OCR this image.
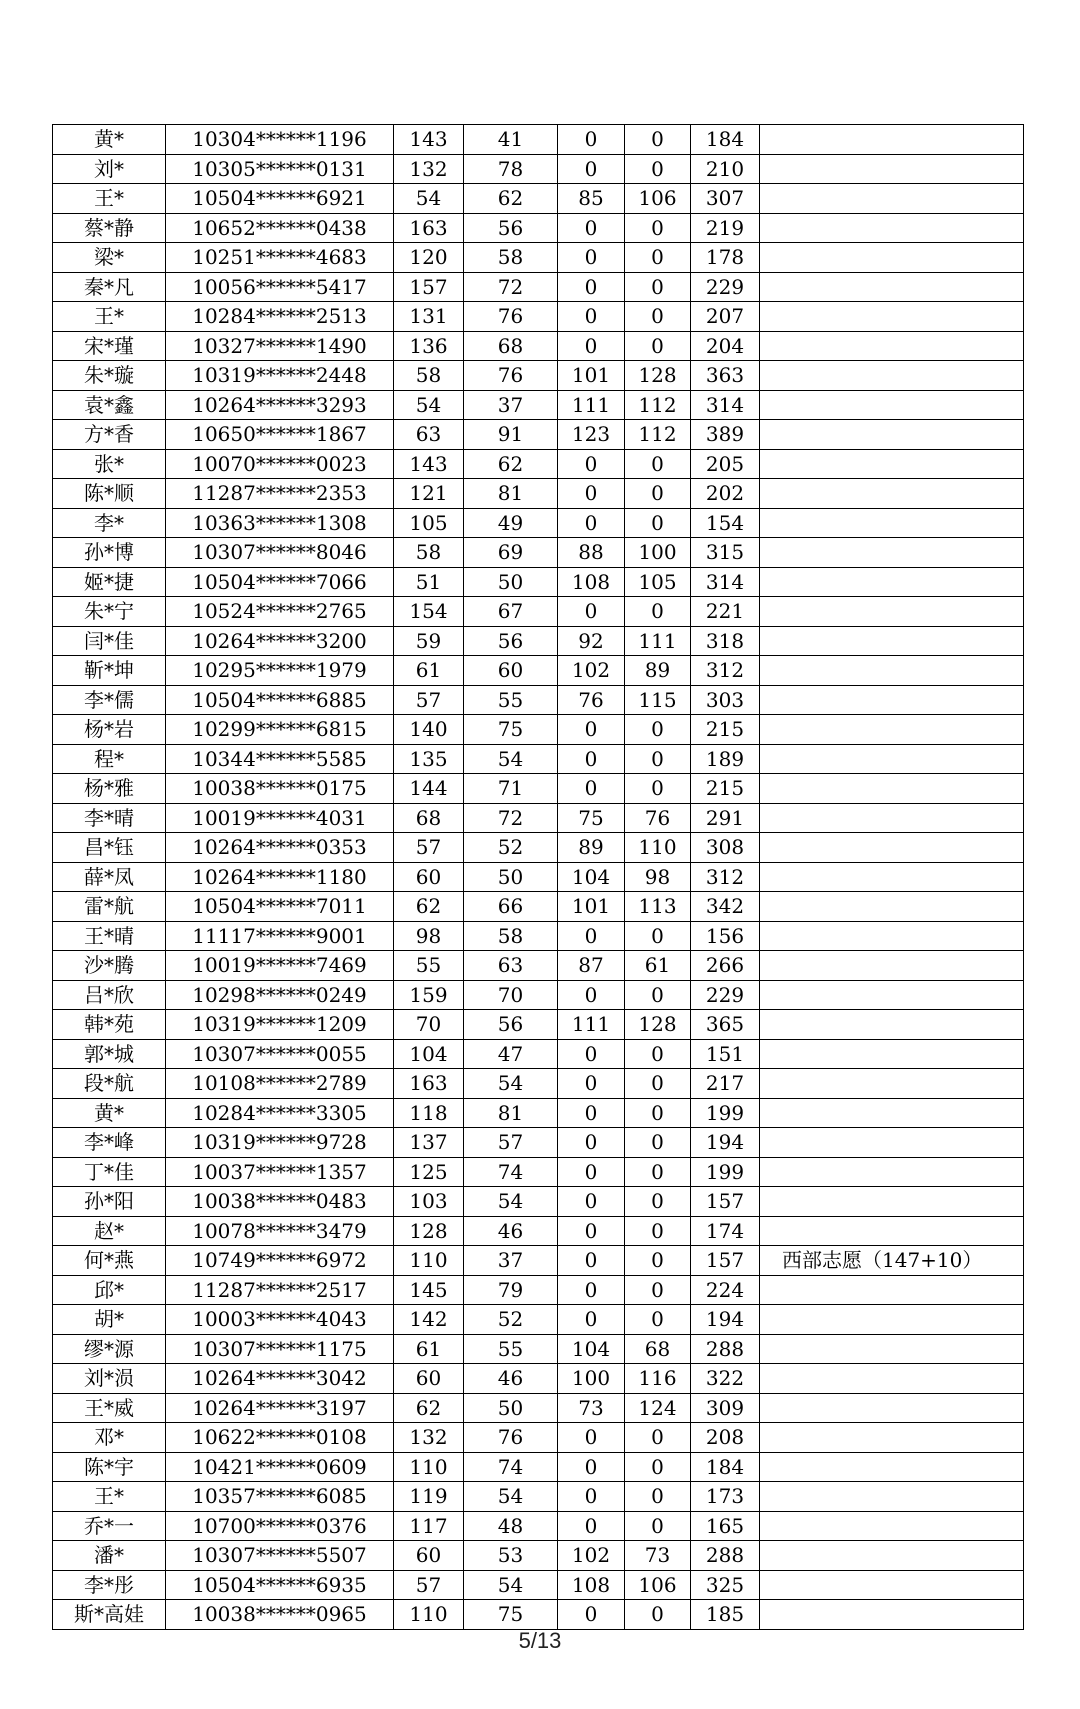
黄*	10304******1196	143	41	0	0	184	
刘*	10305******0131	132	78	0	0	210	
王*	10504******6921	54	62	85	106	307	
蔡*静	10652******0438	163	56	0	0	219	
梁*	10251******4683	120	58	0	0	178	
秦*凡	10056******5417	157	72	0	0	229	
王*	10284******2513	131	76	0	0	207	
宋*瑾	10327******1490	136	68	0	0	204	
朱*璇	10319******2448	58	76	101	128	363	
袁*鑫	10264******3293	54	37	111	112	314	
方*香	10650******1867	63	91	123	112	389	
张*	10070******0023	143	62	0	0	205	
陈*顺	11287******2353	121	81	0	0	202	
李*	10363******1308	105	49	0	0	154	
孙*博	10307******8046	58	69	88	100	315	
姬*捷	10504******7066	51	50	108	105	314	
朱*宁	10524******2765	154	67	0	0	221	
闫*佳	10264******3200	59	56	92	111	318	
靳*坤	10295******1979	61	60	102	89	312	
李*儒	10504******6885	57	55	76	115	303	
杨*岩	10299******6815	140	75	0	0	215	
程*	10344******5585	135	54	0	0	189	
杨*雅	10038******0175	144	71	0	0	215	
李*晴	10019******4031	68	72	75	76	291	
昌*钰	10264******0353	57	52	89	110	308	
薛*凤	10264******1180	60	50	104	98	312	
雷*航	10504******7011	62	66	101	113	342	
王*晴	11117******9001	98	58	0	0	156	
沙*腾	10019******7469	55	63	87	61	266	
吕*欣	10298******0249	159	70	0	0	229	
韩*苑	10319******1209	70	56	111	128	365	
郭*城	10307******0055	104	47	0	0	151	
段*航	10108******2789	163	54	0	0	217	
黄*	10284******3305	118	81	0	0	199	
李*峰	10319******9728	137	57	0	0	194	
丁*佳	10037******1357	125	74	0	0	199	
孙*阳	10038******0483	103	54	0	0	157	
赵*	10078******3479	128	46	0	0	174	
何*燕	10749******6972	110	37	0	0	157	西部志愿（147+10）
邱*	11287******2517	145	79	0	0	224	
胡*	10003******4043	142	52	0	0	194	
缪*源	10307******1175	61	55	104	68	288	
刘*涢	10264******3042	60	46	100	116	322	
王*威	10264******3197	62	50	73	124	309	
邓*	10622******0108	132	76	0	0	208	
陈*宇	10421******0609	110	74	0	0	184	
王*	10357******6085	119	54	0	0	173	
乔*一	10700******0376	117	48	0	0	165	
潘*	10307******5507	60	53	102	73	288	
李*彤	10504******6935	57	54	108	106	325	
斯*高娃	10038******0965	110	75	0	0	185	
5/13
